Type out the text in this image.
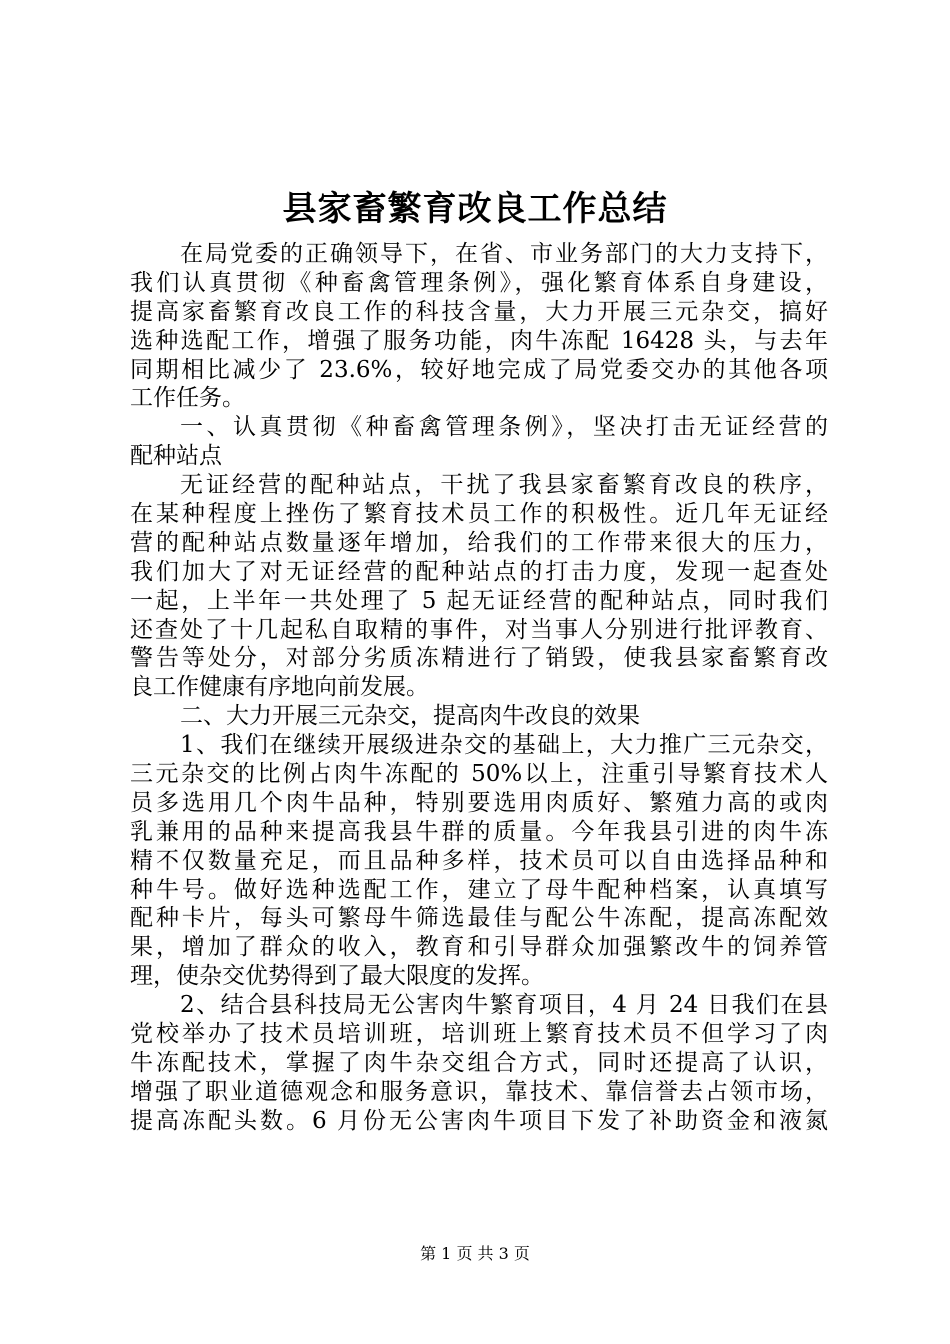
县家畜繁育改良工作总结
在局党委的正确领导下，在省、市业务部门的大力支持下，
我们认真贯彻《种畜禽管理条例》，强化繁育体系自身建设，
提高家畜繁育改良工作的科技含量，大力开展三元杂交，搞好
选种选配工作，增强了服务功能，肉牛冻配 16428 头，与去年
同期相比减少了 23.6%，较好地完成了局党委交办的其他各项
工作任务。
一、认真贯彻《种畜禽管理条例》，坚决打击无证经营的
配种站点
无证经营的配种站点，干扰了我县家畜繁育改良的秩序，
在某种程度上挫伤了繁育技术员工作的积极性。近几年无证经
营的配种站点数量逐年增加，给我们的工作带来很大的压力，
我们加大了对无证经营的配种站点的打击力度，发现一起查处
一起，上半年一共处理了 5 起无证经营的配种站点，同时我们
还查处了十几起私自取精的事件，对当事人分别进行批评教育、
警告等处分，对部分劣质冻精进行了销毁，使我县家畜繁育改
良工作健康有序地向前发展。
二、大力开展三元杂交，提高肉牛改良的效果
1、我们在继续开展级进杂交的基础上，大力推广三元杂交，
三元杂交的比例占肉牛冻配的 50%以上，注重引导繁育技术人
员多选用几个肉牛品种，特别要选用肉质好、繁殖力高的或肉
乳兼用的品种来提高我县牛群的质量。今年我县引进的肉牛冻
精不仅数量充足，而且品种多样，技术员可以自由选择品种和
种牛号。做好选种选配工作，建立了母牛配种档案，认真填写
配种卡片，每头可繁母牛筛选最佳与配公牛冻配，提高冻配效
果，增加了群众的收入，教育和引导群众加强繁改牛的饲养管
理，使杂交优势得到了最大限度的发挥。
2、结合县科技局无公害肉牛繁育项目，4 月 24 日我们在县
党校举办了技术员培训班，培训班上繁育技术员不但学习了肉
牛冻配技术，掌握了肉牛杂交组合方式，同时还提高了认识，
增强了职业道德观念和服务意识，靠技术、靠信誉去占领市场，
提高冻配头数。6 月份无公害肉牛项目下发了补助资金和液氮
第 1 页 共 3 页
